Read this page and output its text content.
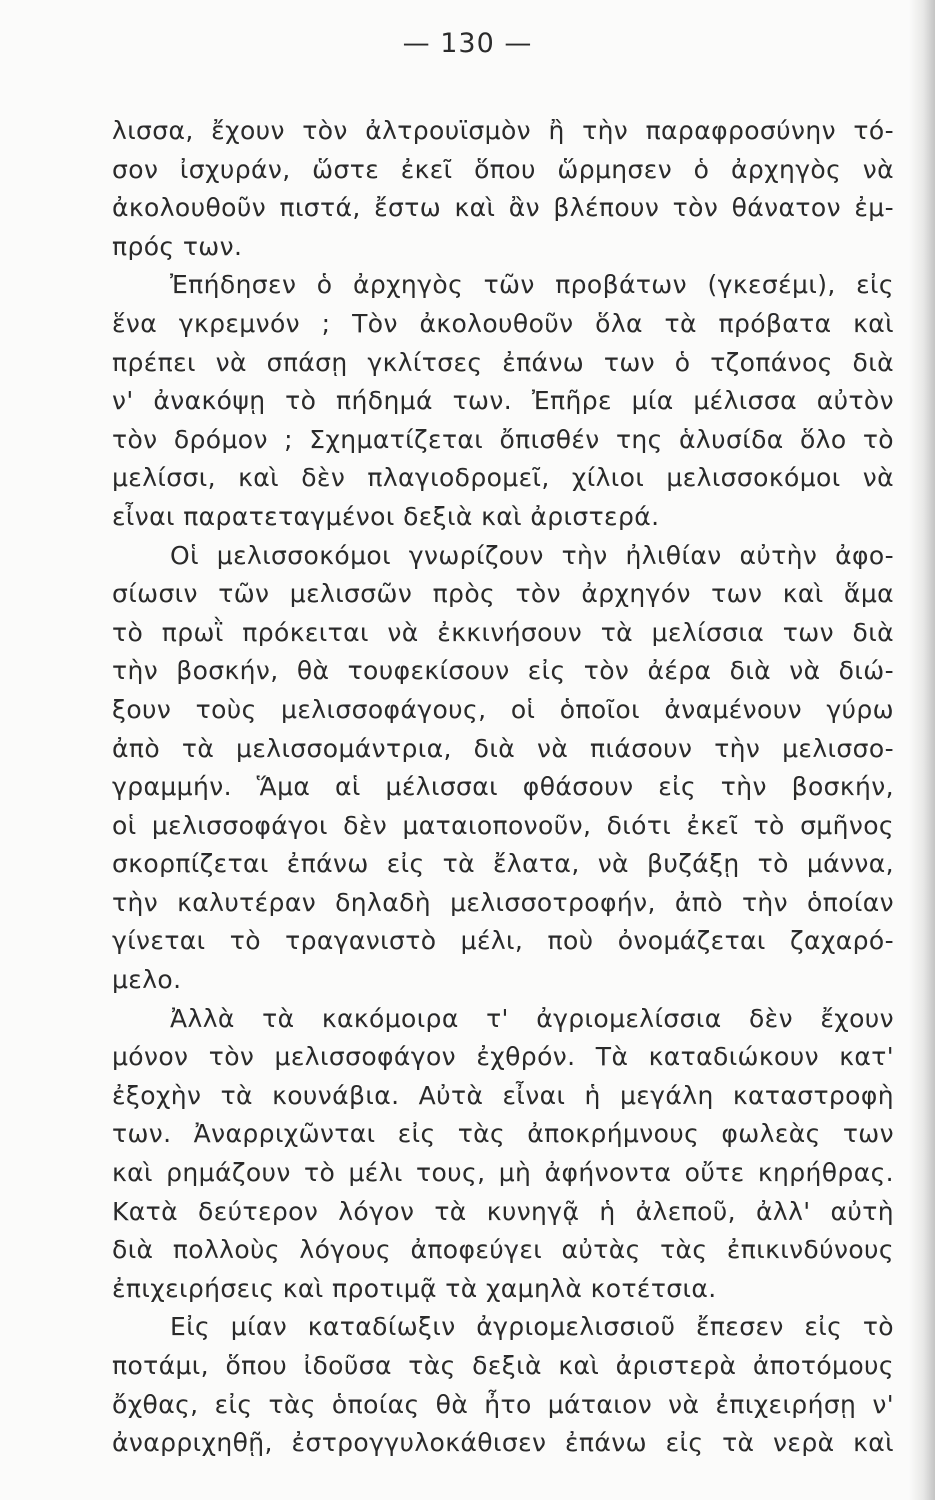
— 130 —
λισσα, ἔχουν τὸν ἀλτρουϊσμὸν ἢ τὴν παραφροσύνην τό-
σον ἰσχυράν, ὥστε ἐκεῖ ὅπου ὥρμησεν ὁ ἀρχηγὸς νὰ
ἀκολουθοῦν πιστά, ἔστω καὶ ἂν βλέπουν τὸν θάνατον ἐμ-
πρός των.
Ἐπήδησεν ὁ ἀρχηγὸς τῶν προβάτων (γκεσέμι), εἰς
ἕνα γκρεμνόν ; Τὸν ἀκολουθοῦν ὅλα τὰ πρόβατα καὶ
πρέπει νὰ σπάσῃ γκλίτσες ἐπάνω των ὁ τζοπάνος διὰ
ν' ἀνακόψῃ τὸ πήδημά των. Ἐπῆρε μία μέλισσα αὐτὸν
τὸν δρόμον ; Σχηματίζεται ὄπισθέν της ἁλυσίδα ὅλο τὸ
μελίσσι, καὶ δὲν πλαγιοδρομεῖ, χίλιοι μελισσοκόμοι νὰ
εἶναι παρατεταγμένοι δεξιὰ καὶ ἀριστερά.
Οἱ μελισσοκόμοι γνωρίζουν τὴν ἠλιθίαν αὐτὴν ἀφο-
σίωσιν τῶν μελισσῶν πρὸς τὸν ἀρχηγόν των καὶ ἅμα
τὸ πρωῒ πρόκειται νὰ ἐκκινήσουν τὰ μελίσσια των διὰ
τὴν βοσκήν, θὰ τουφεκίσουν εἰς τὸν ἀέρα διὰ νὰ διώ-
ξουν τοὺς μελισσοφάγους, οἱ ὁποῖοι ἀναμένουν γύρω
ἀπὸ τὰ μελισσομάντρια, διὰ νὰ πιάσουν τὴν μελισσο-
γραμμήν. Ἅμα αἱ μέλισσαι φθάσουν εἰς τὴν βοσκήν,
οἱ μελισσοφάγοι δὲν ματαιοπονοῦν, διότι ἐκεῖ τὸ σμῆνος
σκορπίζεται ἐπάνω εἰς τὰ ἔλατα, νὰ βυζάξῃ τὸ μάννα,
τὴν καλυτέραν δηλαδὴ μελισσοτροφήν, ἀπὸ τὴν ὁποίαν
γίνεται τὸ τραγανιστὸ μέλι, ποὺ ὀνομάζεται ζαχαρό-
μελο.
Ἀλλὰ τὰ κακόμοιρα τ' ἀγριομελίσσια δὲν ἔχουν
μόνον τὸν μελισσοφάγον ἐχθρόν. Τὰ καταδιώκουν κατ'
ἐξοχὴν τὰ κουνάβια. Αὐτὰ εἶναι ἡ μεγάλη καταστροφὴ
των. Ἀναρριχῶνται εἰς τὰς ἀποκρήμνους φωλεὰς των
καὶ ρημάζουν τὸ μέλι τους, μὴ ἀφήνοντα οὔτε κηρήθρας.
Κατὰ δεύτερον λόγον τὰ κυνηγᾷ ἡ ἀλεποῦ, ἀλλ' αὐτὴ
διὰ πολλοὺς λόγους ἀποφεύγει αὐτὰς τὰς ἐπικινδύνους
ἐπιχειρήσεις καὶ προτιμᾷ τὰ χαμηλὰ κοτέτσια.
Εἰς μίαν καταδίωξιν ἀγριομελισσιοῦ ἔπεσεν εἰς τὸ
ποτάμι, ὅπου ἰδοῦσα τὰς δεξιὰ καὶ ἀριστερὰ ἀποτόμους
ὄχθας, εἰς τὰς ὁποίας θὰ ἦτο μάταιον νὰ ἐπιχειρήσῃ ν'
ἀναρριχηθῇ, ἐστρογγυλοκάθισεν ἐπάνω εἰς τὰ νερὰ καὶ
